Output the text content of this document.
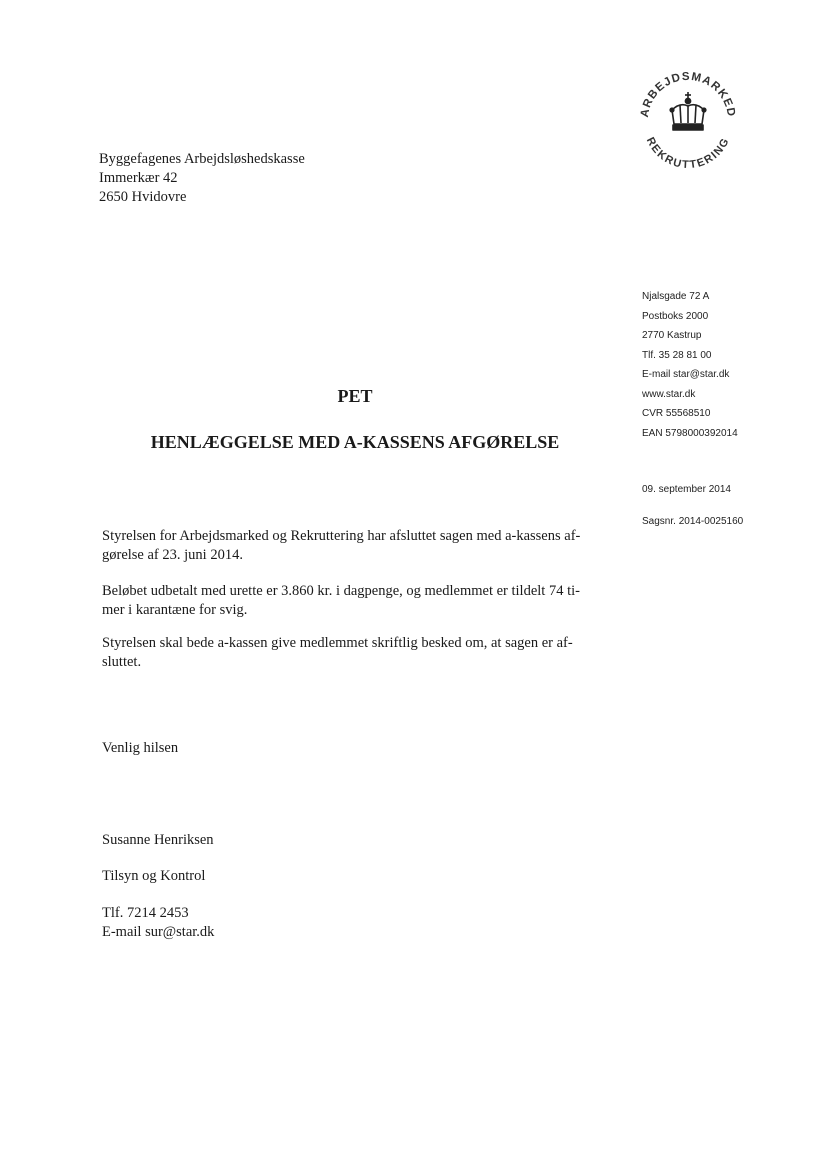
ARBEJDSMARKED
REKRUTTERING
Byggefagenes Arbejdsløshedskasse
Immerkær 42
2650 Hvidovre
Njalsgade 72 A
Postboks 2000
2770 Kastrup
Tlf. 35 28 81 00
E-mail star@star.dk
www.star.dk
CVR 55568510
EAN 5798000392014
09. september 2014
Sagsnr. 2014-0025160
PET
HENLÆGGELSE MED A-KASSENS AFGØRELSE
Styrelsen for Arbejdsmarked og Rekruttering har afsluttet sagen med a-kassens af-
gørelse af 23. juni 2014.
Beløbet udbetalt med urette er 3.860 kr. i dagpenge, og medlemmet er tildelt 74 ti-
mer i karantæne for svig.
Styrelsen skal bede a-kassen give medlemmet skriftlig besked om, at sagen er af-
sluttet.
Venlig hilsen
Susanne Henriksen
Tilsyn og Kontrol
Tlf. 7214 2453
E-mail sur@star.dk
